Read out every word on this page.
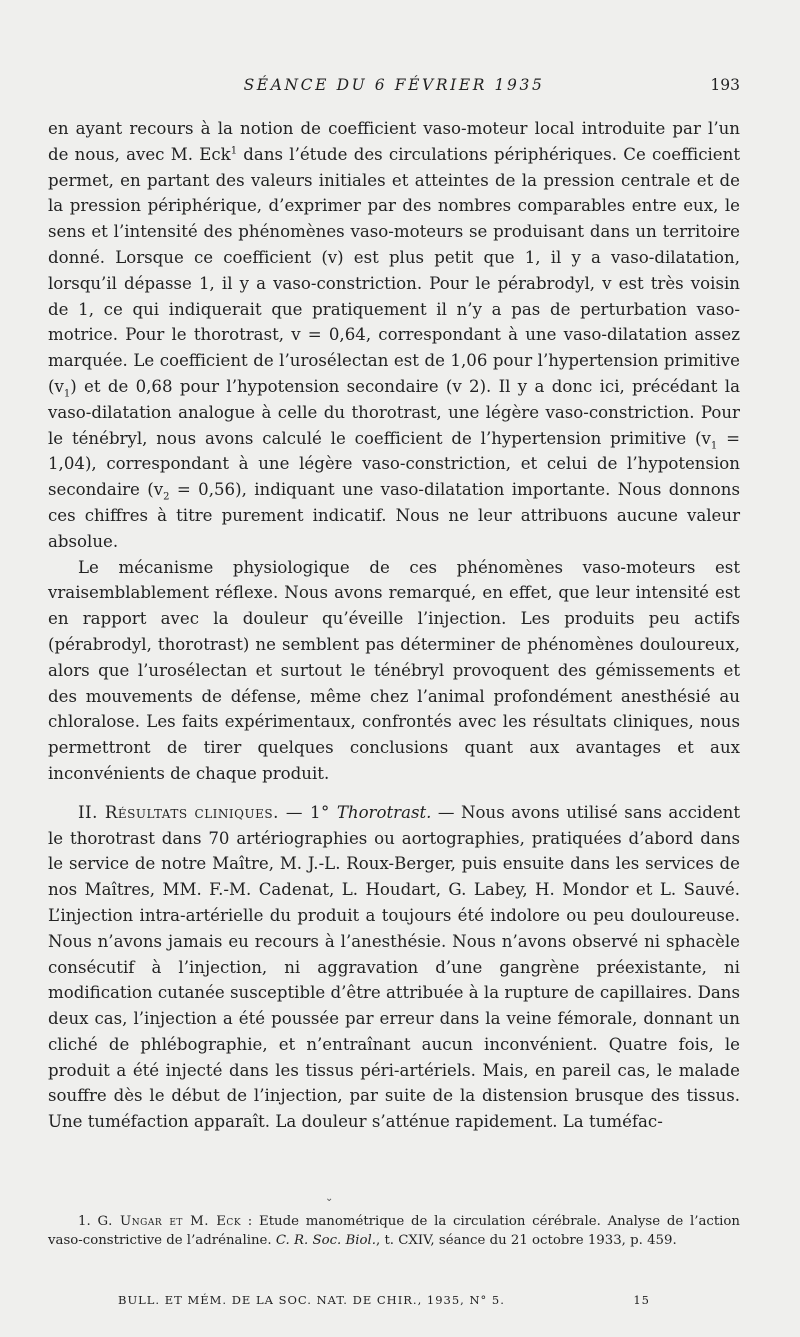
SÉANCE DU 6 FÉVRIER 1935	193

en ayant recours à la notion de coefficient vaso-moteur local introduite par l’un de nous, avec M. Eck$^1$ dans l’étude des circulations périphériques. Ce coefficient permet, en partant des valeurs initiales et atteintes de la pression centrale et de la pression périphérique, d’exprimer par des nombres comparables entre eux, le sens et l’intensité des phénomènes vaso-moteurs se produisant dans un territoire donné. Lorsque ce coefficient (v) est plus petit que 1, il y a vaso-dilatation, lorsqu’il dépasse 1, il y a vaso-constriction. Pour le pérabrodyl, v est très voisin de 1, ce qui indiquerait que pratiquement il n’y a pas de perturbation vaso-motrice. Pour le thorotrast, v = 0,64, correspondant à une vaso-dilatation assez marquée. Le coefficient de l’urosélectan est de 1,06 pour l’hypertension primitive $(v_1)$ et de 0,68 pour l’hypotension secondaire (v 2). Il y a donc ici, précédant la vaso-dilatation analogue à celle du thorotrast, une légère vaso-constriction. Pour le ténébryl, nous avons calculé le coefficient de l’hypertension primitive $(v_1 = 1,04)$, correspondant à une légère vaso-constriction, et celui de l’hypotension secondaire $(v_2 = 0,56)$, indiquant une vaso-dilatation importante. Nous donnons ces chiffres à titre purement indicatif. Nous ne leur attribuons aucune valeur absolue.

Le mécanisme physiologique de ces phénomènes vaso-moteurs est vraisemblablement réflexe. Nous avons remarqué, en effet, que leur intensité est en rapport avec la douleur qu’éveille l’injection. Les produits peu actifs (pérabrodyl, thorotrast) ne semblent pas déterminer de phénomènes douloureux, alors que l’urosélectan et surtout le ténébryl provoquent des gémissements et des mouvements de défense, même chez l’animal profondément anesthésié au chloralose. Les faits expérimentaux, confrontés avec les résultats cliniques, nous permettront de tirer quelques conclusions quant aux avantages et aux inconvénients de chaque produit.

II. Résultats cliniques. — 1° Thorotrast. — Nous avons utilisé sans accident le thorotrast dans 70 artériographies ou aortographies, pratiquées d’abord dans le service de notre Maître, M. J.-L. Roux-Berger, puis ensuite dans les services de nos Maîtres, MM. F.-M. Cadenat, L. Houdart, G. Labey, H. Mondor et L. Sauvé. L’injection intra-artérielle du produit a toujours été indolore ou peu douloureuse. Nous n’avons jamais eu recours à l’anesthésie. Nous n’avons observé ni sphacèle consécutif à l’injection, ni aggravation d’une gangrène préexistante, ni modification cutanée susceptible d’être attribuée à la rupture de capillaires. Dans deux cas, l’injection a été poussée par erreur dans la veine fémorale, donnant un cliché de phlébographie, et n’entraînant aucun inconvénient. Quatre fois, le produit a été injecté dans les tissus péri-artériels. Mais, en pareil cas, le malade souffre dès le début de l’injection, par suite de la distension brusque des tissus. Une tuméfaction apparaît. La douleur s’atténue rapidement. La tuméfac-

⌄

1. G. Ungar et M. Eck : Etude manométrique de la circulation cérébrale. Analyse de l’action vaso-constrictive de l’adrénaline. C. R. Soc. Biol., t. CXIV, séance du 21 octobre 1933, p. 459.

BULL. ET MÉM. DE LA SOC. NAT. DE CHIR., 1935, N° 5.	15
